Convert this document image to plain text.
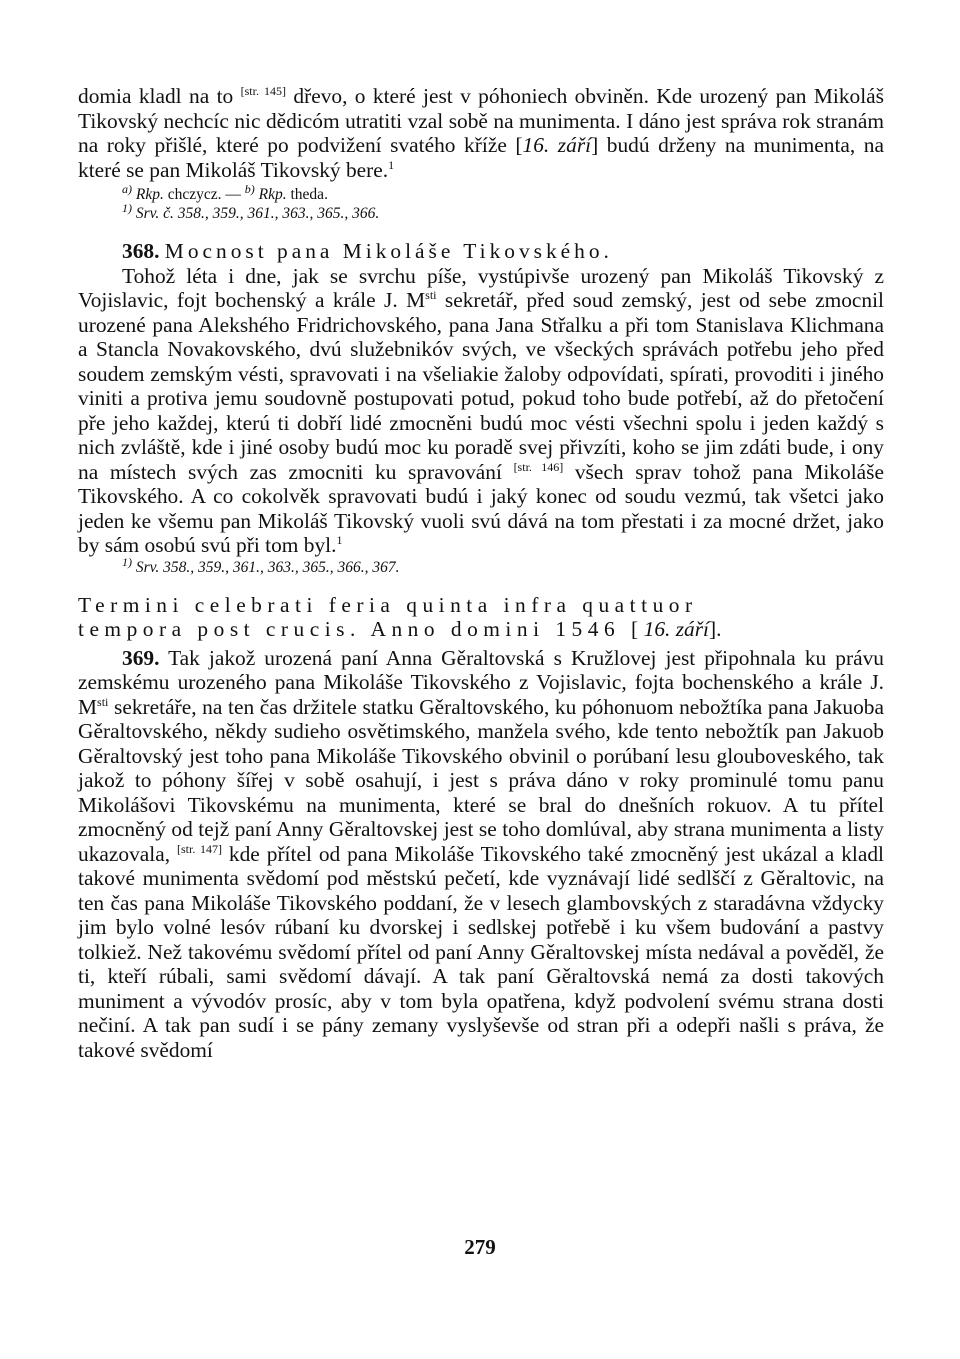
domia kladl na to [str. 145] dřevo, o které jest v póhoniech obviněn. Kde urozený pan Mikoláš Tikovský nechcíc nic dědicóm utratiti vzal sobě na munimenta. I dáno jest správa rok stranám na roky přišlé, které po podvižení svatého kříže [16. září] budú drženy na munimenta, na které se pan Mikoláš Tikovský bere.$^1$

$^{a)}$ Rkp. chczycz. — $^{b)}$ Rkp. theda.
$^{1)}$ Srv. č. 358., 359., 361., 363., 365., 366.

368. Mocnost pana Mikoláše Tikovského.

Tohož léta i dne, jak se svrchu píše, vystúpivše urozený pan Mikoláš Tikovský z Vojislavic, fojt bochenský a krále J. $M^{sti}$ sekretář, před soud zemský, jest od sebe zmocnil urozené pana Alekshého Fridrichovského, pana Jana Střalku a při tom Stanislava Klichmana a Stancla Novakovského, dvú služebnikóv svých, ve všeckých správách potřebu jeho před soudem zemským vésti, spravovati i na všeliakie žaloby odpovídati, spírati, provoditi i jiného viniti a protiva jemu soudovně postupovati potud, pokud toho bude potřebí, až do přetočení pře jeho každej, kterú ti dobří lidé zmocněni budú moc vésti všechni spolu i jeden každý s nich zvláště, kde i jiné osoby budú moc ku poradě svej přivzíti, koho se jim zdáti bude, i ony na místech svých zas zmocniti ku spravování [str. 146] všech sprav tohož pana Mikoláše Tikovského. A co cokolvěk spravovati budú i jaký konec od soudu vezmú, tak všetci jako jeden ke všemu pan Mikoláš Tikovský vuoli svú dává na tom přestati i za mocné držet, jako by sám osobú svú při tom byl.$^1$

$^{1)}$ Srv. 358., 359., 361., 363., 365., 366., 367.

Termini celebrati feria quinta infra quattuor
tempora post crucis. Anno domini 1546 [16. září].

369. Tak jakož urozená paní Anna Gěraltovská s Kružlovej jest připohnala ku právu zemskému urozeného pana Mikoláše Tikovského z Vojislavic, fojta bochenského a krále J. $M^{sti}$ sekretáře, na ten čas držitele statku Gěraltovského, ku póhonuom nebožtíka pana Jakuoba Gěraltovského, někdy sudieho osvětimského, manžela svého, kde tento nebožtík pan Jakuob Gěraltovský jest toho pana Mikoláše Tikovského obvinil o porúbaní lesu glouboveského, tak jakož to póhony šířej v sobě osahují, i jest s práva dáno v roky prominulé tomu panu Mikolášovi Tikovskému na munimenta, které se bral do dnešních rokuov. A tu přítel zmocněný od tejž paní Anny Gěraltovskej jest se toho domlúval, aby strana munimenta a listy ukazovala, [str. 147] kde přítel od pana Mikoláše Tikovského také zmocněný jest ukázal a kladl takové munimenta svědomí pod městskú pečetí, kde vyznávají lidé sedlščí z Gěraltovic, na ten čas pana Mikoláše Tikovského poddaní, že v lesech glambovských z staradávna vždycky jim bylo volné lesóv rúbaní ku dvorskej i sedlskej potřebě i ku všem budování a pastvy tolkiež. Než takovému svědomí přítel od paní Anny Gěraltovskej místa nedával a pověděl, že ti, kteří rúbali, sami svědomí dávají. A tak paní Gěraltovská nemá za dosti takových muniment a vývodóv prosíc, aby v tom byla opatřena, když podvolení svému strana dosti nečiní. A tak pan sudí i se pány zemany vyslyševše od stran při a odepři našli s práva, že takové svědomí

279
